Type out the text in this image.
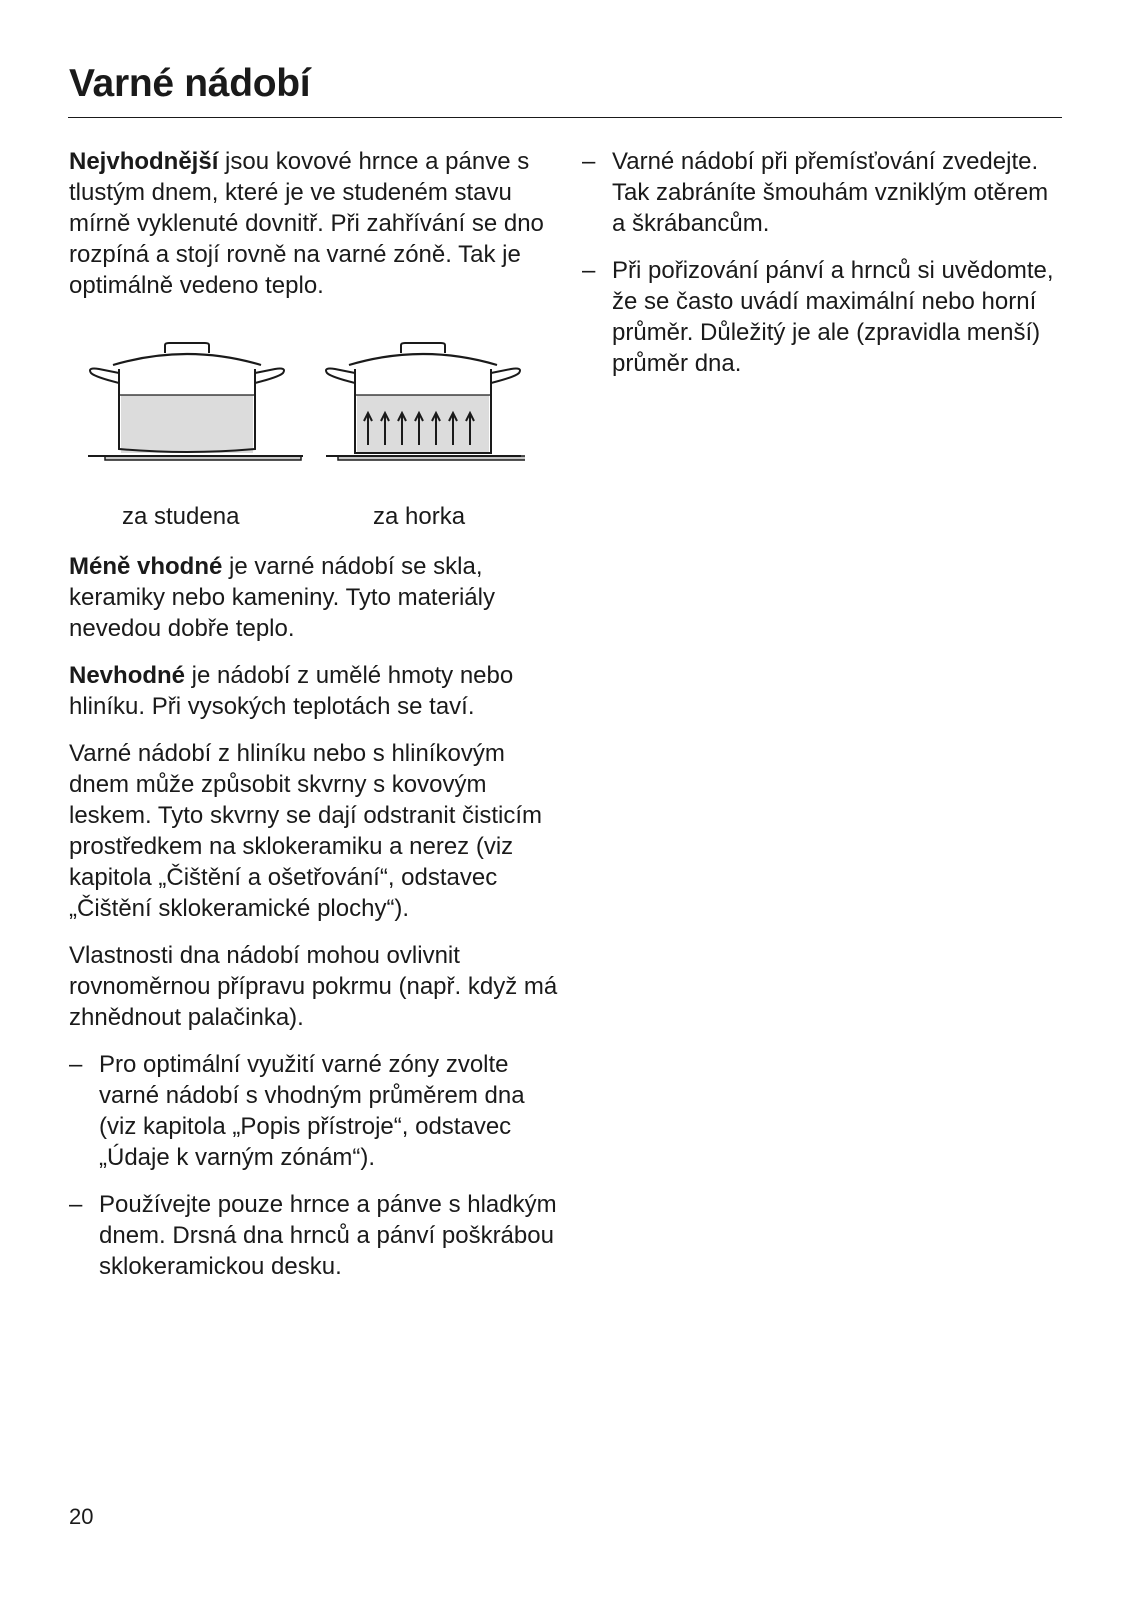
Varné nádobí

Nejvhodnější jsou kovové hrnce a pánve s tlustým dnem, které je ve studeném stavu mírně vyklenuté dovnitř. Při zahřívání se dno rozpíná a stojí rovně na varné zóně. Tak je optimálně vedeno teplo.

za studena	za horka

Méně vhodné je varné nádobí se skla, keramiky nebo kameniny. Tyto materiály nevedou dobře teplo.

Nevhodné je nádobí z umělé hmoty nebo hliníku. Při vysokých teplotách se taví.

Varné nádobí z hliníku nebo s hliníkovým dnem může způsobit skvrny s kovovým leskem. Tyto skvrny se dají odstranit čisticím prostředkem na sklokeramiku a nerez (viz kapitola „Čištění a ošetřování“, odstavec „Čištění sklokeramické plochy“).

Vlastnosti dna nádobí mohou ovlivnit rovnoměrnou přípravu pokrmu (např. když má zhnědnout palačinka).

– Pro optimální využití varné zóny zvolte varné nádobí s vhodným průměrem dna (viz kapitola „Popis přístroje“, odstavec „Údaje k varným zónám“).
– Používejte pouze hrnce a pánve s hladkým dnem. Drsná dna hrnců a pánví poškrábou sklokeramickou desku.
– Varné nádobí při přemísťování zvedejte. Tak zabráníte šmouhám vzniklým otěrem a škrábancům.
– Při pořizování pánví a hrnců si uvědomte, že se často uvádí maximální nebo horní průměr. Důležitý je ale (zpravidla menší) průměr dna.
20
